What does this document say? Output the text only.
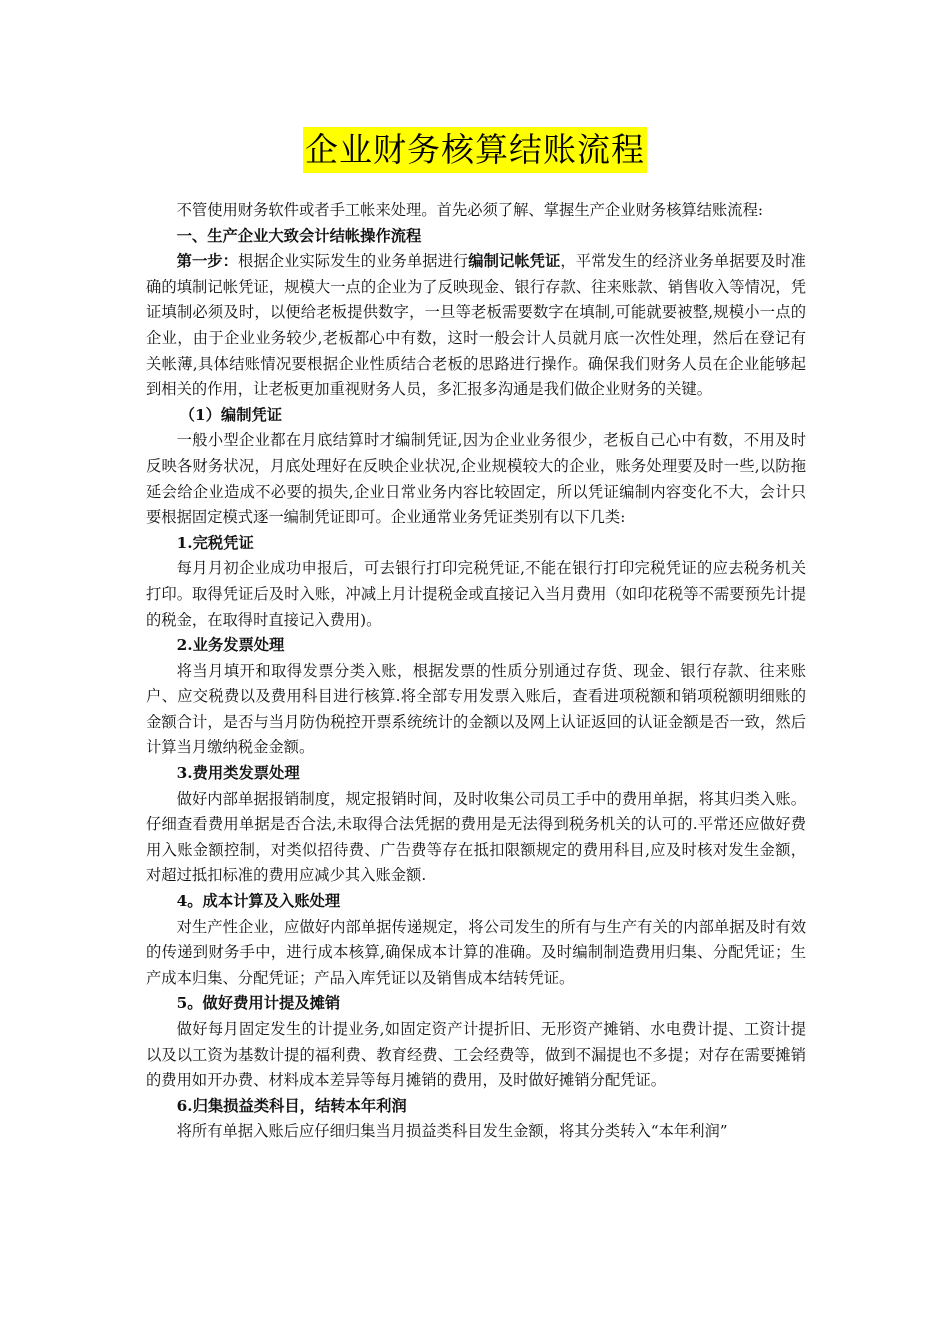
企业财务核算结账流程

不管使用财务软件或者手工帐来处理。首先必须了解、掌握生产企业财务核算结账流程:

一、生产企业大致会计结帐操作流程

第一步：根据企业实际发生的业务单据进行编制记帐凭证，平常发生的经济业务单据要及时准确的填制记帐凭证，规模大一点的企业为了反映现金、银行存款、往来账款、销售收入等情况，凭证填制必须及时，以便给老板提供数字，一旦等老板需要数字在填制,可能就要被整,规模小一点的企业，由于企业业务较少,老板都心中有数，这时一般会计人员就月底一次性处理，然后在登记有关帐薄,具体结账情况要根据企业性质结合老板的思路进行操作。确保我们财务人员在企业能够起到相关的作用，让老板更加重视财务人员，多汇报多沟通是我们做企业财务的关键。

（1）编制凭证

一般小型企业都在月底结算时才编制凭证,因为企业业务很少，老板自己心中有数，不用及时反映各财务状况，月底处理好在反映企业状况,企业规模较大的企业，账务处理要及时一些,以防拖延会给企业造成不必要的损失,企业日常业务内容比较固定，所以凭证编制内容变化不大，会计只要根据固定模式逐一编制凭证即可。企业通常业务凭证类别有以下几类:

1.完税凭证

每月月初企业成功申报后，可去银行打印完税凭证,不能在银行打印完税凭证的应去税务机关打印。取得凭证后及时入账，冲减上月计提税金或直接记入当月费用（如印花税等不需要预先计提的税金，在取得时直接记入费用)。

2.业务发票处理

将当月填开和取得发票分类入账，根据发票的性质分别通过存货、现金、银行存款、往来账户、应交税费以及费用科目进行核算.将全部专用发票入账后，查看进项税额和销项税额明细账的金额合计，是否与当月防伪税控开票系统统计的金额以及网上认证返回的认证金额是否一致，然后计算当月缴纳税金金额。

3.费用类发票处理

做好内部单据报销制度，规定报销时间，及时收集公司员工手中的费用单据，将其归类入账。仔细查看费用单据是否合法,未取得合法凭据的费用是无法得到税务机关的认可的.平常还应做好费用入账金额控制，对类似招待费、广告费等存在抵扣限额规定的费用科目,应及时核对发生金额，对超过抵扣标准的费用应减少其入账金额.

4。成本计算及入账处理

对生产性企业，应做好内部单据传递规定，将公司发生的所有与生产有关的内部单据及时有效的传递到财务手中，进行成本核算,确保成本计算的准确。及时编制制造费用归集、分配凭证；生产成本归集、分配凭证；产品入库凭证以及销售成本结转凭证。

5。做好费用计提及摊销

做好每月固定发生的计提业务,如固定资产计提折旧、无形资产摊销、水电费计提、工资计提以及以工资为基数计提的福利费、教育经费、工会经费等，做到不漏提也不多提；对存在需要摊销的费用如开办费、材料成本差异等每月摊销的费用，及时做好摊销分配凭证。

6.归集损益类科目，结转本年利润

将所有单据入账后应仔细归集当月损益类科目发生金额，将其分类转入“本年利润”
